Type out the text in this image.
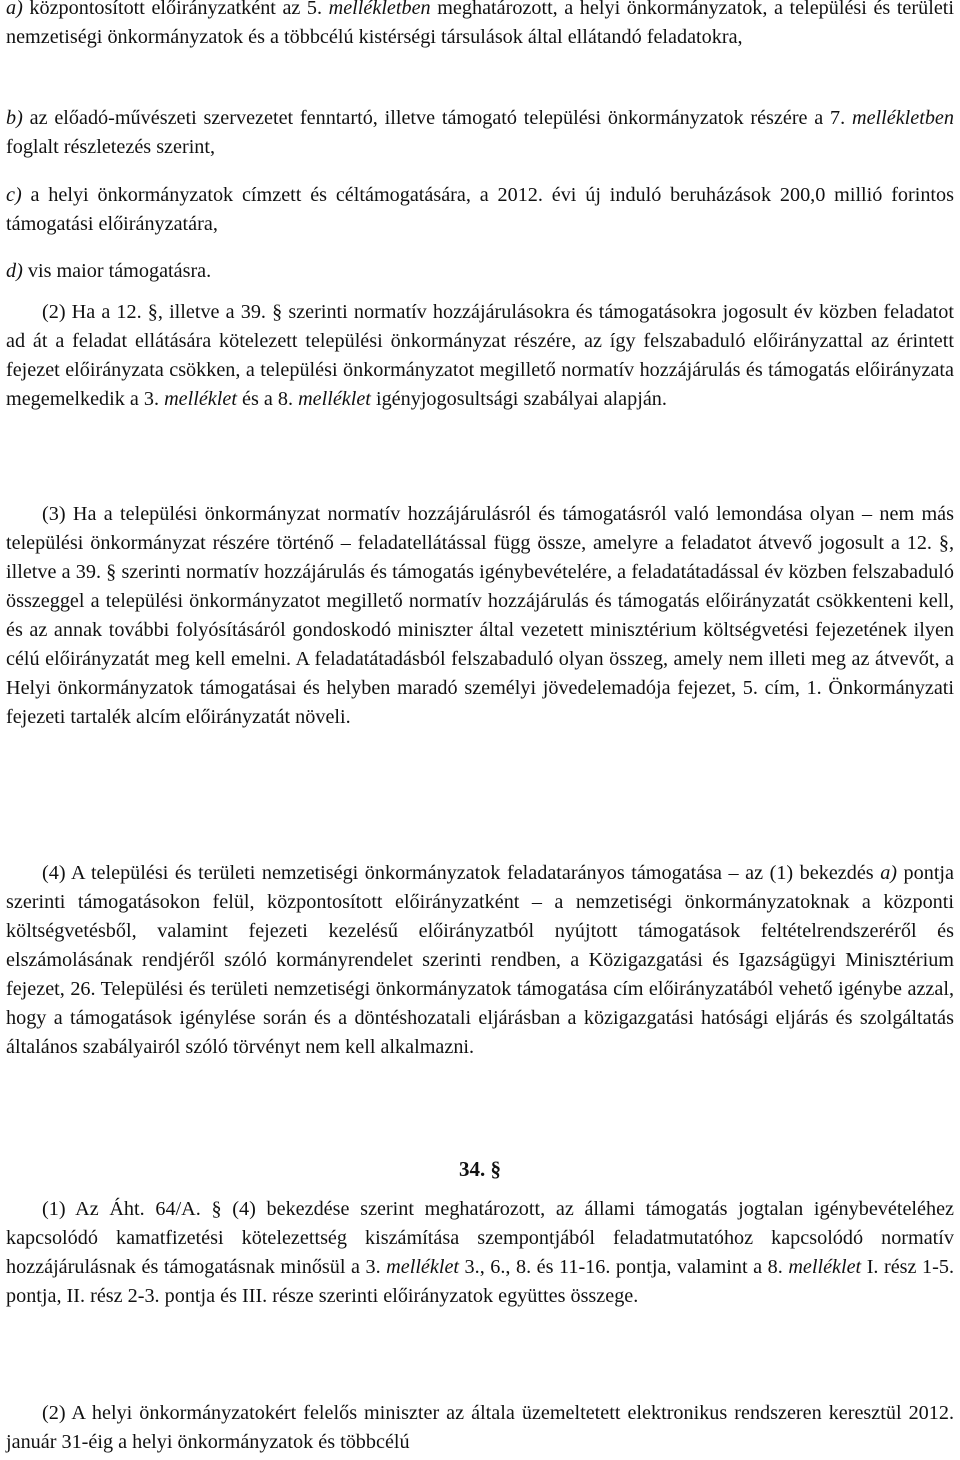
a) központosított előirányzatként az 5. mellékletben meghatározott, a helyi önkormányzatok, a települési és területi nemzetiségi önkormányzatok és a többcélú kistérségi társulások által ellátandó feladatokra,

b) az előadó-művészeti szervezetet fenntartó, illetve támogató települési önkormányzatok részére a 7. mellékletben foglalt részletezés szerint,

c) a helyi önkormányzatok címzett és céltámogatására, a 2012. évi új induló beruházások 200,0 millió forintos támogatási előirányzatára,

d) vis maior támogatásra.

(2) Ha a 12. §, illetve a 39. § szerinti normatív hozzájárulásokra és támogatásokra jogosult év közben feladatot ad át a feladat ellátására kötelezett települési önkormányzat részére, az így felszabaduló előirányzattal az érintett fejezet előirányzata csökken, a települési önkormányzatot megillető normatív hozzájárulás és támogatás előirányzata megemelkedik a 3. melléklet és a 8. melléklet igényjogosultsági szabályai alapján.

(3) Ha a települési önkormányzat normatív hozzájárulásról és támogatásról való lemondása olyan – nem más települési önkormányzat részére történő – feladatellátással függ össze, amelyre a feladatot átvevő jogosult a 12. §, illetve a 39. § szerinti normatív hozzájárulás és támogatás igénybevételére, a feladatátadással év közben felszabaduló összeggel a települési önkormányzatot megillető normatív hozzájárulás és támogatás előirányzatát csökkenteni kell, és az annak további folyósításáról gondoskodó miniszter által vezetett minisztérium költségvetési fejezetének ilyen célú előirányzatát meg kell emelni. A feladatátadásból felszabaduló olyan összeg, amely nem illeti meg az átvevőt, a Helyi önkormányzatok támogatásai és helyben maradó személyi jövedelemadója fejezet, 5. cím, 1. Önkormányzati fejezeti tartalék alcím előirányzatát növeli.

(4) A települési és területi nemzetiségi önkormányzatok feladatarányos támogatása – az (1) bekezdés a) pontja szerinti támogatásokon felül, központosított előirányzatként – a nemzetiségi önkormányzatoknak a központi költségvetésből, valamint fejezeti kezelésű előirányzatból nyújtott támogatások feltételrendszeréről és elszámolásának rendjéről szóló kormányrendelet szerinti rendben, a Közigazgatási és Igazságügyi Minisztérium fejezet, 26. Települési és területi nemzetiségi önkormányzatok támogatása cím előirányzatából vehető igénybe azzal, hogy a támogatások igénylése során és a döntéshozatali eljárásban a közigazgatási hatósági eljárás és szolgáltatás általános szabályairól szóló törvényt nem kell alkalmazni.

34. §

(1) Az Áht. 64/A. § (4) bekezdése szerint meghatározott, az állami támogatás jogtalan igénybevételéhez kapcsolódó kamatfizetési kötelezettség kiszámítása szempontjából feladatmutatóhoz kapcsolódó normatív hozzájárulásnak és támogatásnak minősül a 3. melléklet 3., 6., 8. és 11-16. pontja, valamint a 8. melléklet I. rész 1-5. pontja, II. rész 2-3. pontja és III. része szerinti előirányzatok együttes összege.

(2) A helyi önkormányzatokért felelős miniszter az általa üzemeltetett elektronikus rendszeren keresztül 2012. január 31-éig a helyi önkormányzatok és többcélú
